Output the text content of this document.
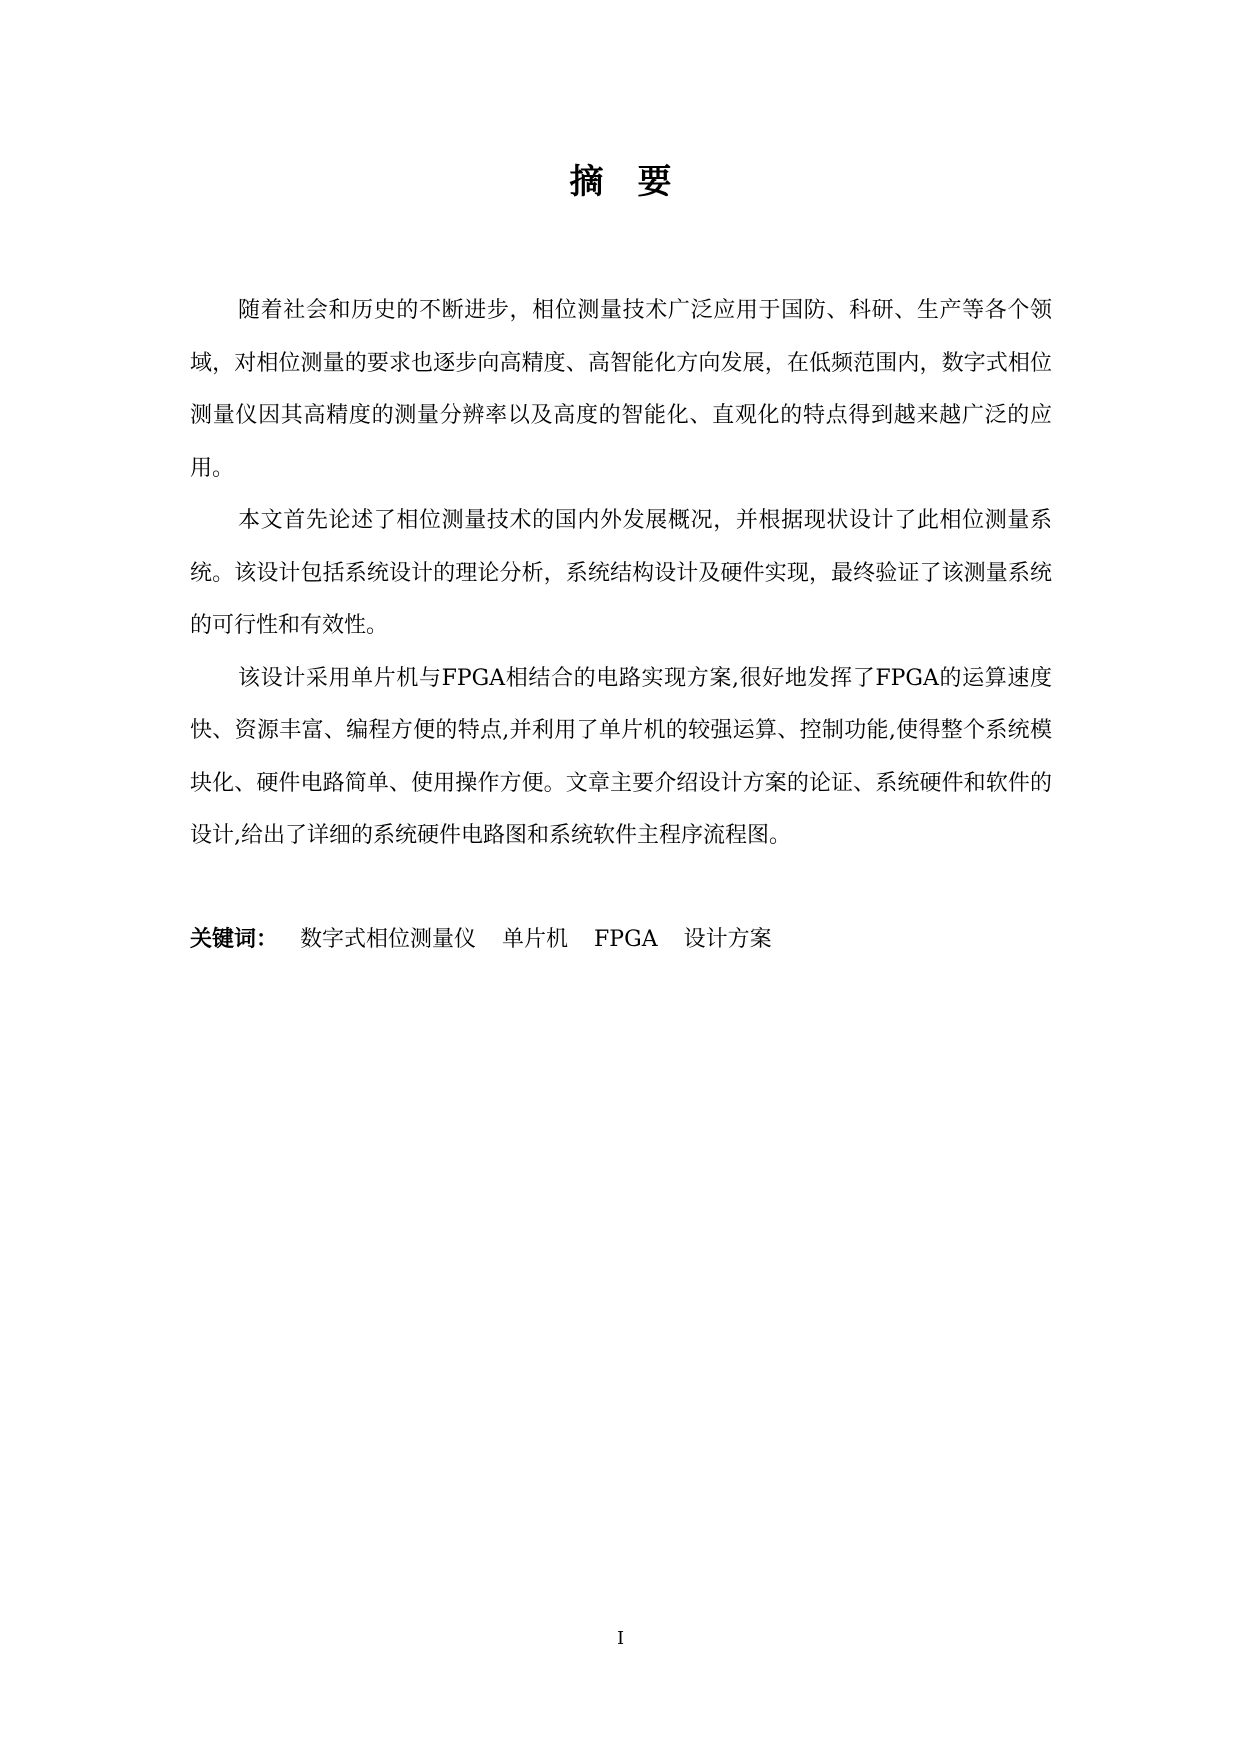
摘　要

随着社会和历史的不断进步，相位测量技术广泛应用于国防、科研、生产等各个领域，对相位测量的要求也逐步向高精度、高智能化方向发展，在低频范围内，数字式相位测量仪因其高精度的测量分辨率以及高度的智能化、直观化的特点得到越来越广泛的应用。

本文首先论述了相位测量技术的国内外发展概况，并根据现状设计了此相位测量系统。该设计包括系统设计的理论分析，系统结构设计及硬件实现，最终验证了该测量系统的可行性和有效性。

该设计采用单片机与FPGA相结合的电路实现方案,很好地发挥了FPGA的运算速度快、资源丰富、编程方便的特点,并利用了单片机的较强运算、控制功能,使得整个系统模块化、硬件电路简单、使用操作方便。文章主要介绍设计方案的论证、系统硬件和软件的设计,给出了详细的系统硬件电路图和系统软件主程序流程图。

关键词： 数字式相位测量仪 单片机 FPGA 设计方案
I
